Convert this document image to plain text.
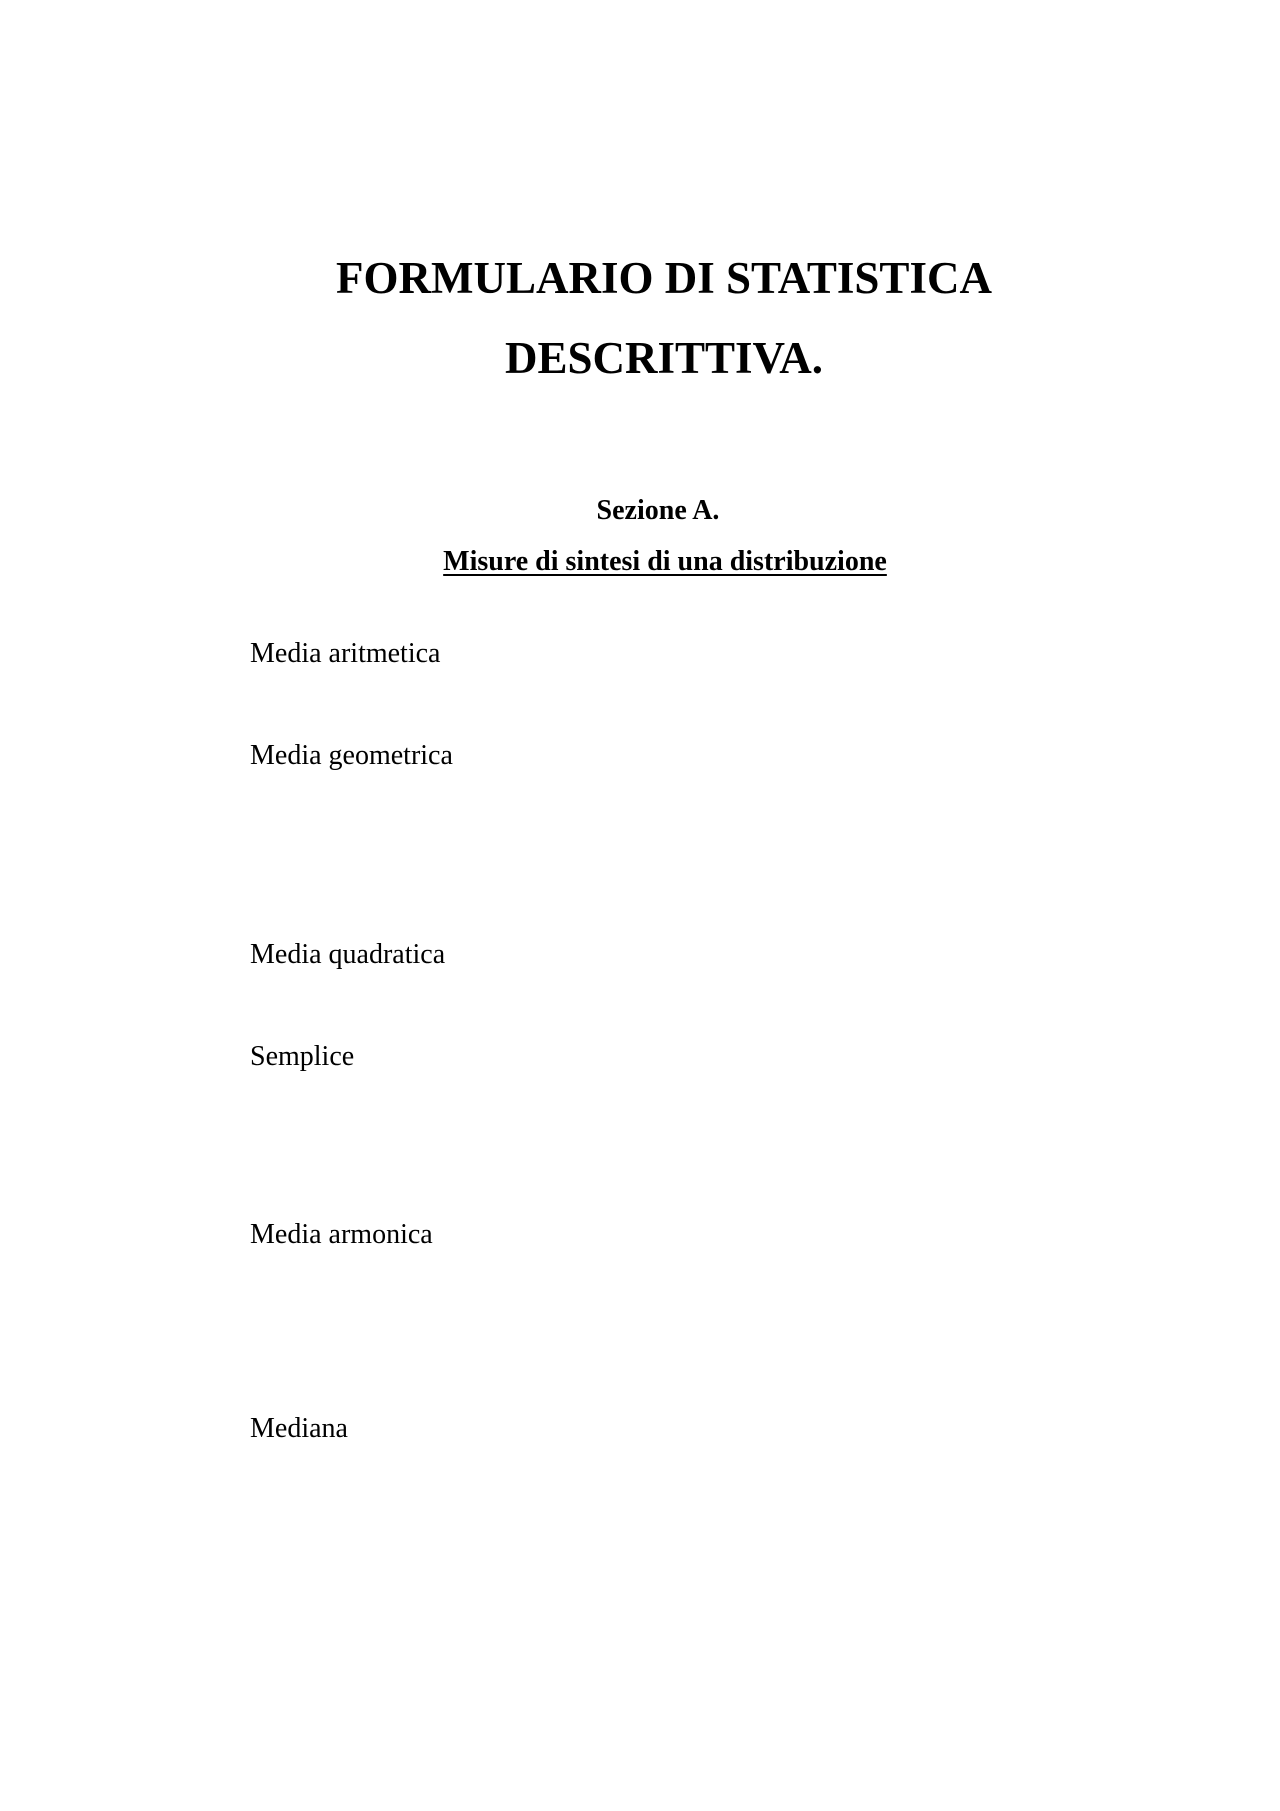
FORMULARIO DI STATISTICA
DESCRITTIVA.
Sezione A.
Misure di sintesi di una distribuzione
Media aritmetica
Media geometrica
Media quadratica
Semplice
Media armonica
Mediana
